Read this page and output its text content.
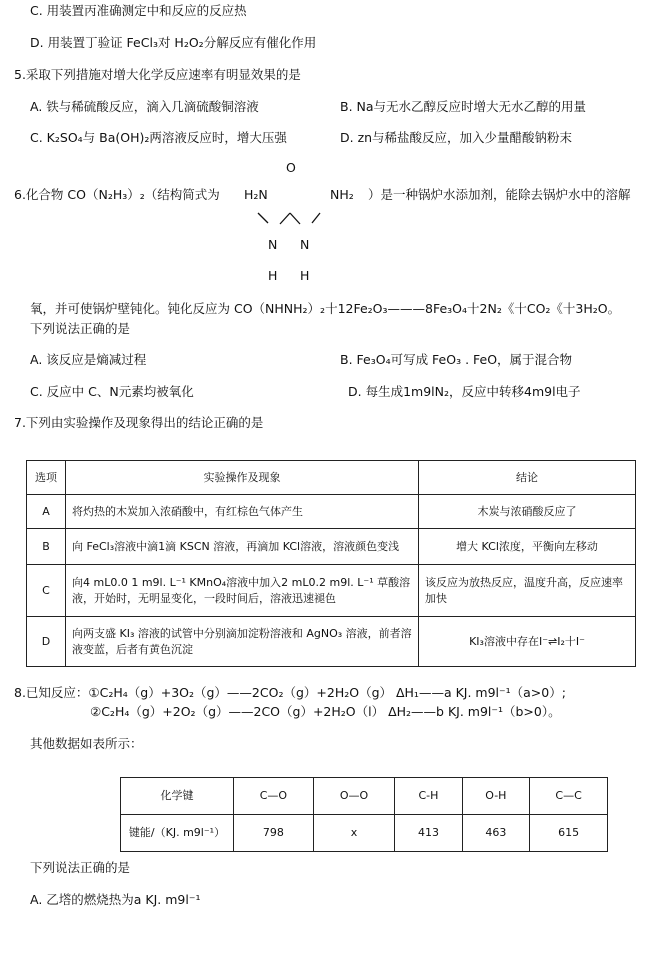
C. 用装置丙准确测定中和反应的反应热
D. 用装置丁验证 FeCl₃对 H₂O₂分解反应有催化作用
5.采取下列措施对增大化学反应速率有明显效果的是
A. 铁与稀硫酸反应，滴入几滴硫酸铜溶液	B. Na与无水乙醇反应时增大无水乙醇的用量
C. K₂SO₄与 Ba(OH)₂两溶液反应时，增大压强	D. zn与稀盐酸反应，加入少量醋酸钠粉末
O
6.化合物 CO（N₂H₃）₂（结构简式为 H₂N	NH₂ ）是一种锅炉水添加剂，能除去锅炉水中的溶解
N N
H H
氧，并可使锅炉壁钝化。钝化反应为 CO（NHNH₂）₂十12Fe₂O₃———8Fe₃O₄十2N₂《十CO₂《十3H₂O。
下列说法正确的是
A. 该反应是熵减过程	B. Fe₃O₄可写成 FeO₃ . FeO，属于混合物
C. 反应中 C、N元素均被氧化	D. 每生成1m9lN₂，反应中转移4m9l电子
7.下列由实验操作及现象得出的结论正确的是
选项	实验操作及现象	结论
A	将灼热的木炭加入浓硝酸中，有红棕色气体产生	木炭与浓硝酸反应了
B	向 FeCl₃溶液中滴1滴 KSCN 溶液，再滴加 KCl溶液，溶液颜色变浅	增大 KCl浓度，平衡向左移动
C	向4 mL0.0 1 m9l. L⁻¹ KMnO₄溶液中加入2 mL0.2 m9l. L⁻¹ 草酸溶液，开始时，无明显变化，一段时间后，溶液迅速褪色	该反应为放热反应，温度升高，反应速率加快
D	向两支盛 KI₃ 溶液的试管中分别滴加淀粉溶液和 AgNO₃ 溶液，前者溶液变蓝，后者有黄色沉淀	KI₃溶液中存在I⁻⇌I₂十I⁻
8.已知反应：①C₂H₄（g）+3O₂（g）——2CO₂（g）+2H₂O（g） ΔH₁——a KJ. m9l⁻¹（a>0）;
②C₂H₄（g）+2O₂（g）——2CO（g）+2H₂O（l） ΔH₂——b KJ. m9l⁻¹（b>0）。
其他数据如表所示：
化学键	C—O	O—O	C-H	O-H	C—C
键能/（KJ. m9l⁻¹）	798	x	413	463	615
下列说法正确的是
A. 乙㙮的燃烧热为a KJ. m9l⁻¹
